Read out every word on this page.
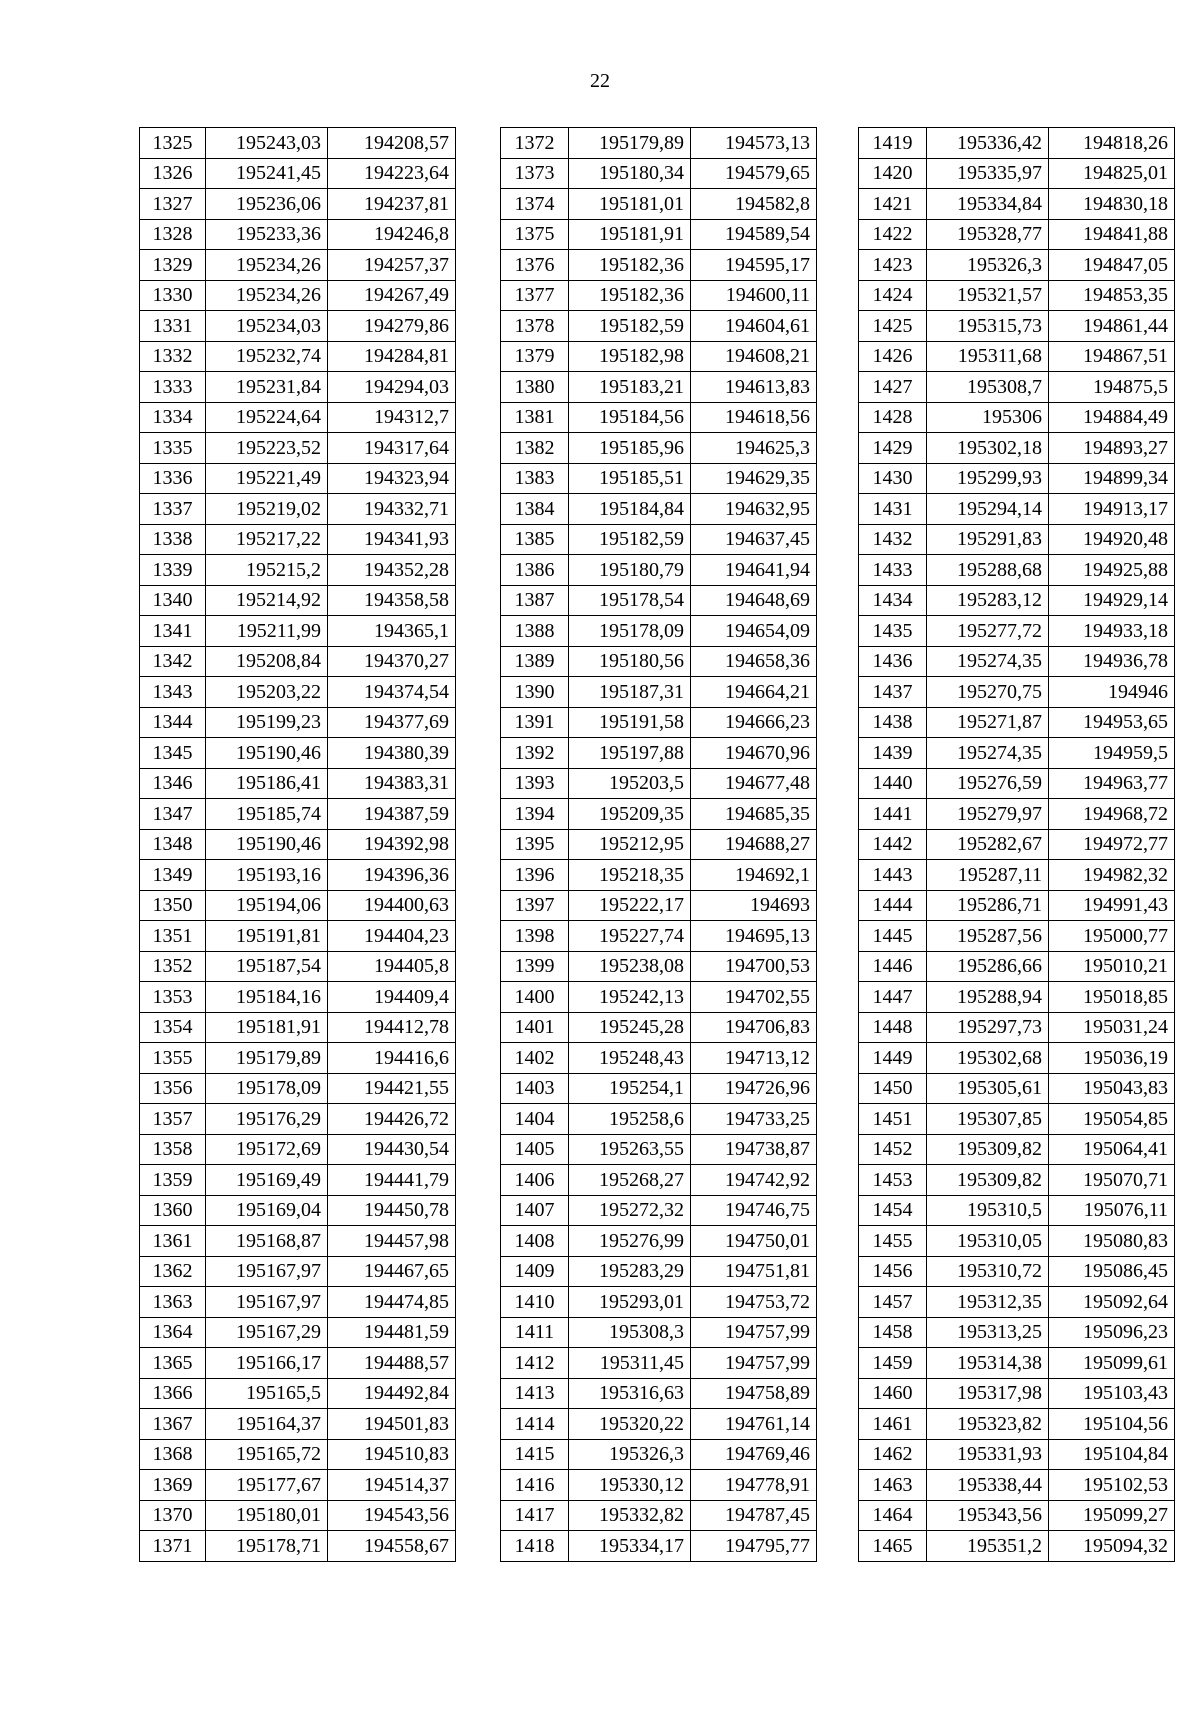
22
1325	195243,03	194208,57
1326	195241,45	194223,64
1327	195236,06	194237,81
1328	195233,36	194246,8
1329	195234,26	194257,37
1330	195234,26	194267,49
1331	195234,03	194279,86
1332	195232,74	194284,81
1333	195231,84	194294,03
1334	195224,64	194312,7
1335	195223,52	194317,64
1336	195221,49	194323,94
1337	195219,02	194332,71
1338	195217,22	194341,93
1339	195215,2	194352,28
1340	195214,92	194358,58
1341	195211,99	194365,1
1342	195208,84	194370,27
1343	195203,22	194374,54
1344	195199,23	194377,69
1345	195190,46	194380,39
1346	195186,41	194383,31
1347	195185,74	194387,59
1348	195190,46	194392,98
1349	195193,16	194396,36
1350	195194,06	194400,63
1351	195191,81	194404,23
1352	195187,54	194405,8
1353	195184,16	194409,4
1354	195181,91	194412,78
1355	195179,89	194416,6
1356	195178,09	194421,55
1357	195176,29	194426,72
1358	195172,69	194430,54
1359	195169,49	194441,79
1360	195169,04	194450,78
1361	195168,87	194457,98
1362	195167,97	194467,65
1363	195167,97	194474,85
1364	195167,29	194481,59
1365	195166,17	194488,57
1366	195165,5	194492,84
1367	195164,37	194501,83
1368	195165,72	194510,83
1369	195177,67	194514,37
1370	195180,01	194543,56
1371	195178,71	194558,67
1372	195179,89	194573,13
1373	195180,34	194579,65
1374	195181,01	194582,8
1375	195181,91	194589,54
1376	195182,36	194595,17
1377	195182,36	194600,11
1378	195182,59	194604,61
1379	195182,98	194608,21
1380	195183,21	194613,83
1381	195184,56	194618,56
1382	195185,96	194625,3
1383	195185,51	194629,35
1384	195184,84	194632,95
1385	195182,59	194637,45
1386	195180,79	194641,94
1387	195178,54	194648,69
1388	195178,09	194654,09
1389	195180,56	194658,36
1390	195187,31	194664,21
1391	195191,58	194666,23
1392	195197,88	194670,96
1393	195203,5	194677,48
1394	195209,35	194685,35
1395	195212,95	194688,27
1396	195218,35	194692,1
1397	195222,17	194693
1398	195227,74	194695,13
1399	195238,08	194700,53
1400	195242,13	194702,55
1401	195245,28	194706,83
1402	195248,43	194713,12
1403	195254,1	194726,96
1404	195258,6	194733,25
1405	195263,55	194738,87
1406	195268,27	194742,92
1407	195272,32	194746,75
1408	195276,99	194750,01
1409	195283,29	194751,81
1410	195293,01	194753,72
1411	195308,3	194757,99
1412	195311,45	194757,99
1413	195316,63	194758,89
1414	195320,22	194761,14
1415	195326,3	194769,46
1416	195330,12	194778,91
1417	195332,82	194787,45
1418	195334,17	194795,77
1419	195336,42	194818,26
1420	195335,97	194825,01
1421	195334,84	194830,18
1422	195328,77	194841,88
1423	195326,3	194847,05
1424	195321,57	194853,35
1425	195315,73	194861,44
1426	195311,68	194867,51
1427	195308,7	194875,5
1428	195306	194884,49
1429	195302,18	194893,27
1430	195299,93	194899,34
1431	195294,14	194913,17
1432	195291,83	194920,48
1433	195288,68	194925,88
1434	195283,12	194929,14
1435	195277,72	194933,18
1436	195274,35	194936,78
1437	195270,75	194946
1438	195271,87	194953,65
1439	195274,35	194959,5
1440	195276,59	194963,77
1441	195279,97	194968,72
1442	195282,67	194972,77
1443	195287,11	194982,32
1444	195286,71	194991,43
1445	195287,56	195000,77
1446	195286,66	195010,21
1447	195288,94	195018,85
1448	195297,73	195031,24
1449	195302,68	195036,19
1450	195305,61	195043,83
1451	195307,85	195054,85
1452	195309,82	195064,41
1453	195309,82	195070,71
1454	195310,5	195076,11
1455	195310,05	195080,83
1456	195310,72	195086,45
1457	195312,35	195092,64
1458	195313,25	195096,23
1459	195314,38	195099,61
1460	195317,98	195103,43
1461	195323,82	195104,56
1462	195331,93	195104,84
1463	195338,44	195102,53
1464	195343,56	195099,27
1465	195351,2	195094,32
